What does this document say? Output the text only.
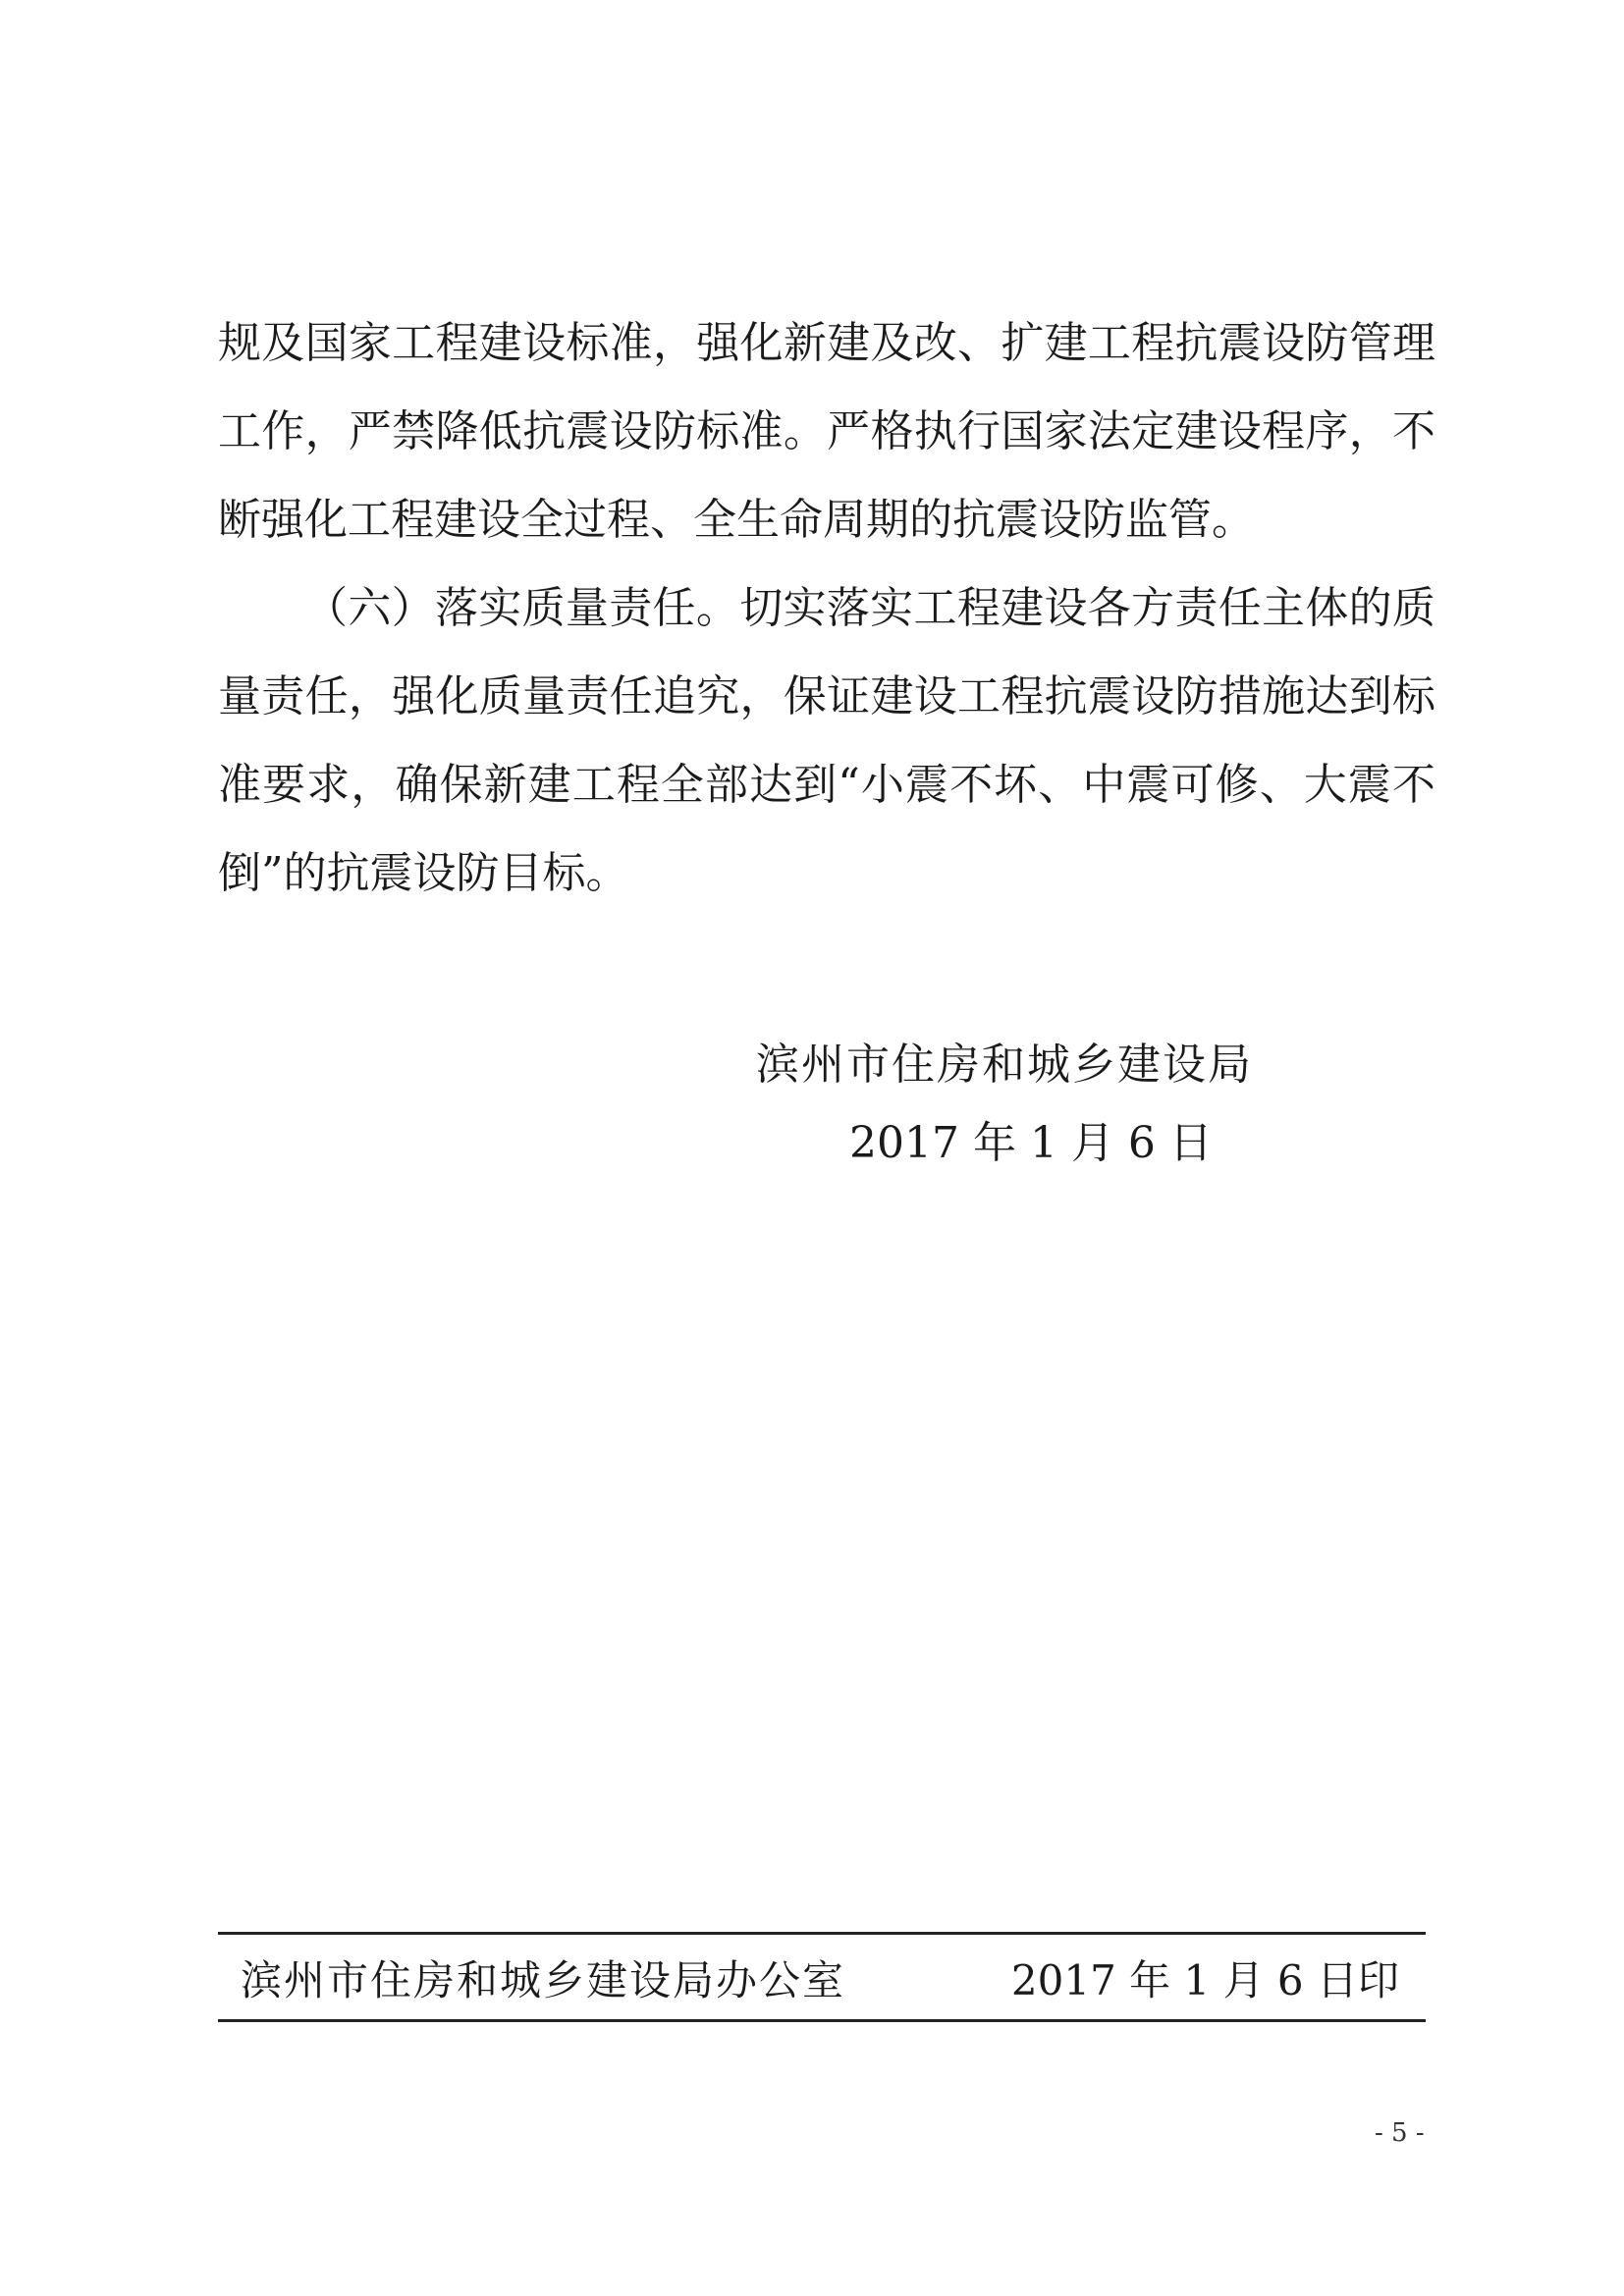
规及国家工程建设标准，强化新建及改、扩建工程抗震设防管理
工作，严禁降低抗震设防标准。严格执行国家法定建设程序，不
断强化工程建设全过程、全生命周期的抗震设防监管。
（六）落实质量责任。切实落实工程建设各方责任主体的质
量责任，强化质量责任追究，保证建设工程抗震设防措施达到标
准要求，确保新建工程全部达到“小震不坏、中震可修、大震不
倒”的抗震设防目标。
滨州市住房和城乡建设局
2017 年 1 月 6 日
滨州市住房和城乡建设局办公室	2017 年 1 月 6 日印
- 5 -
